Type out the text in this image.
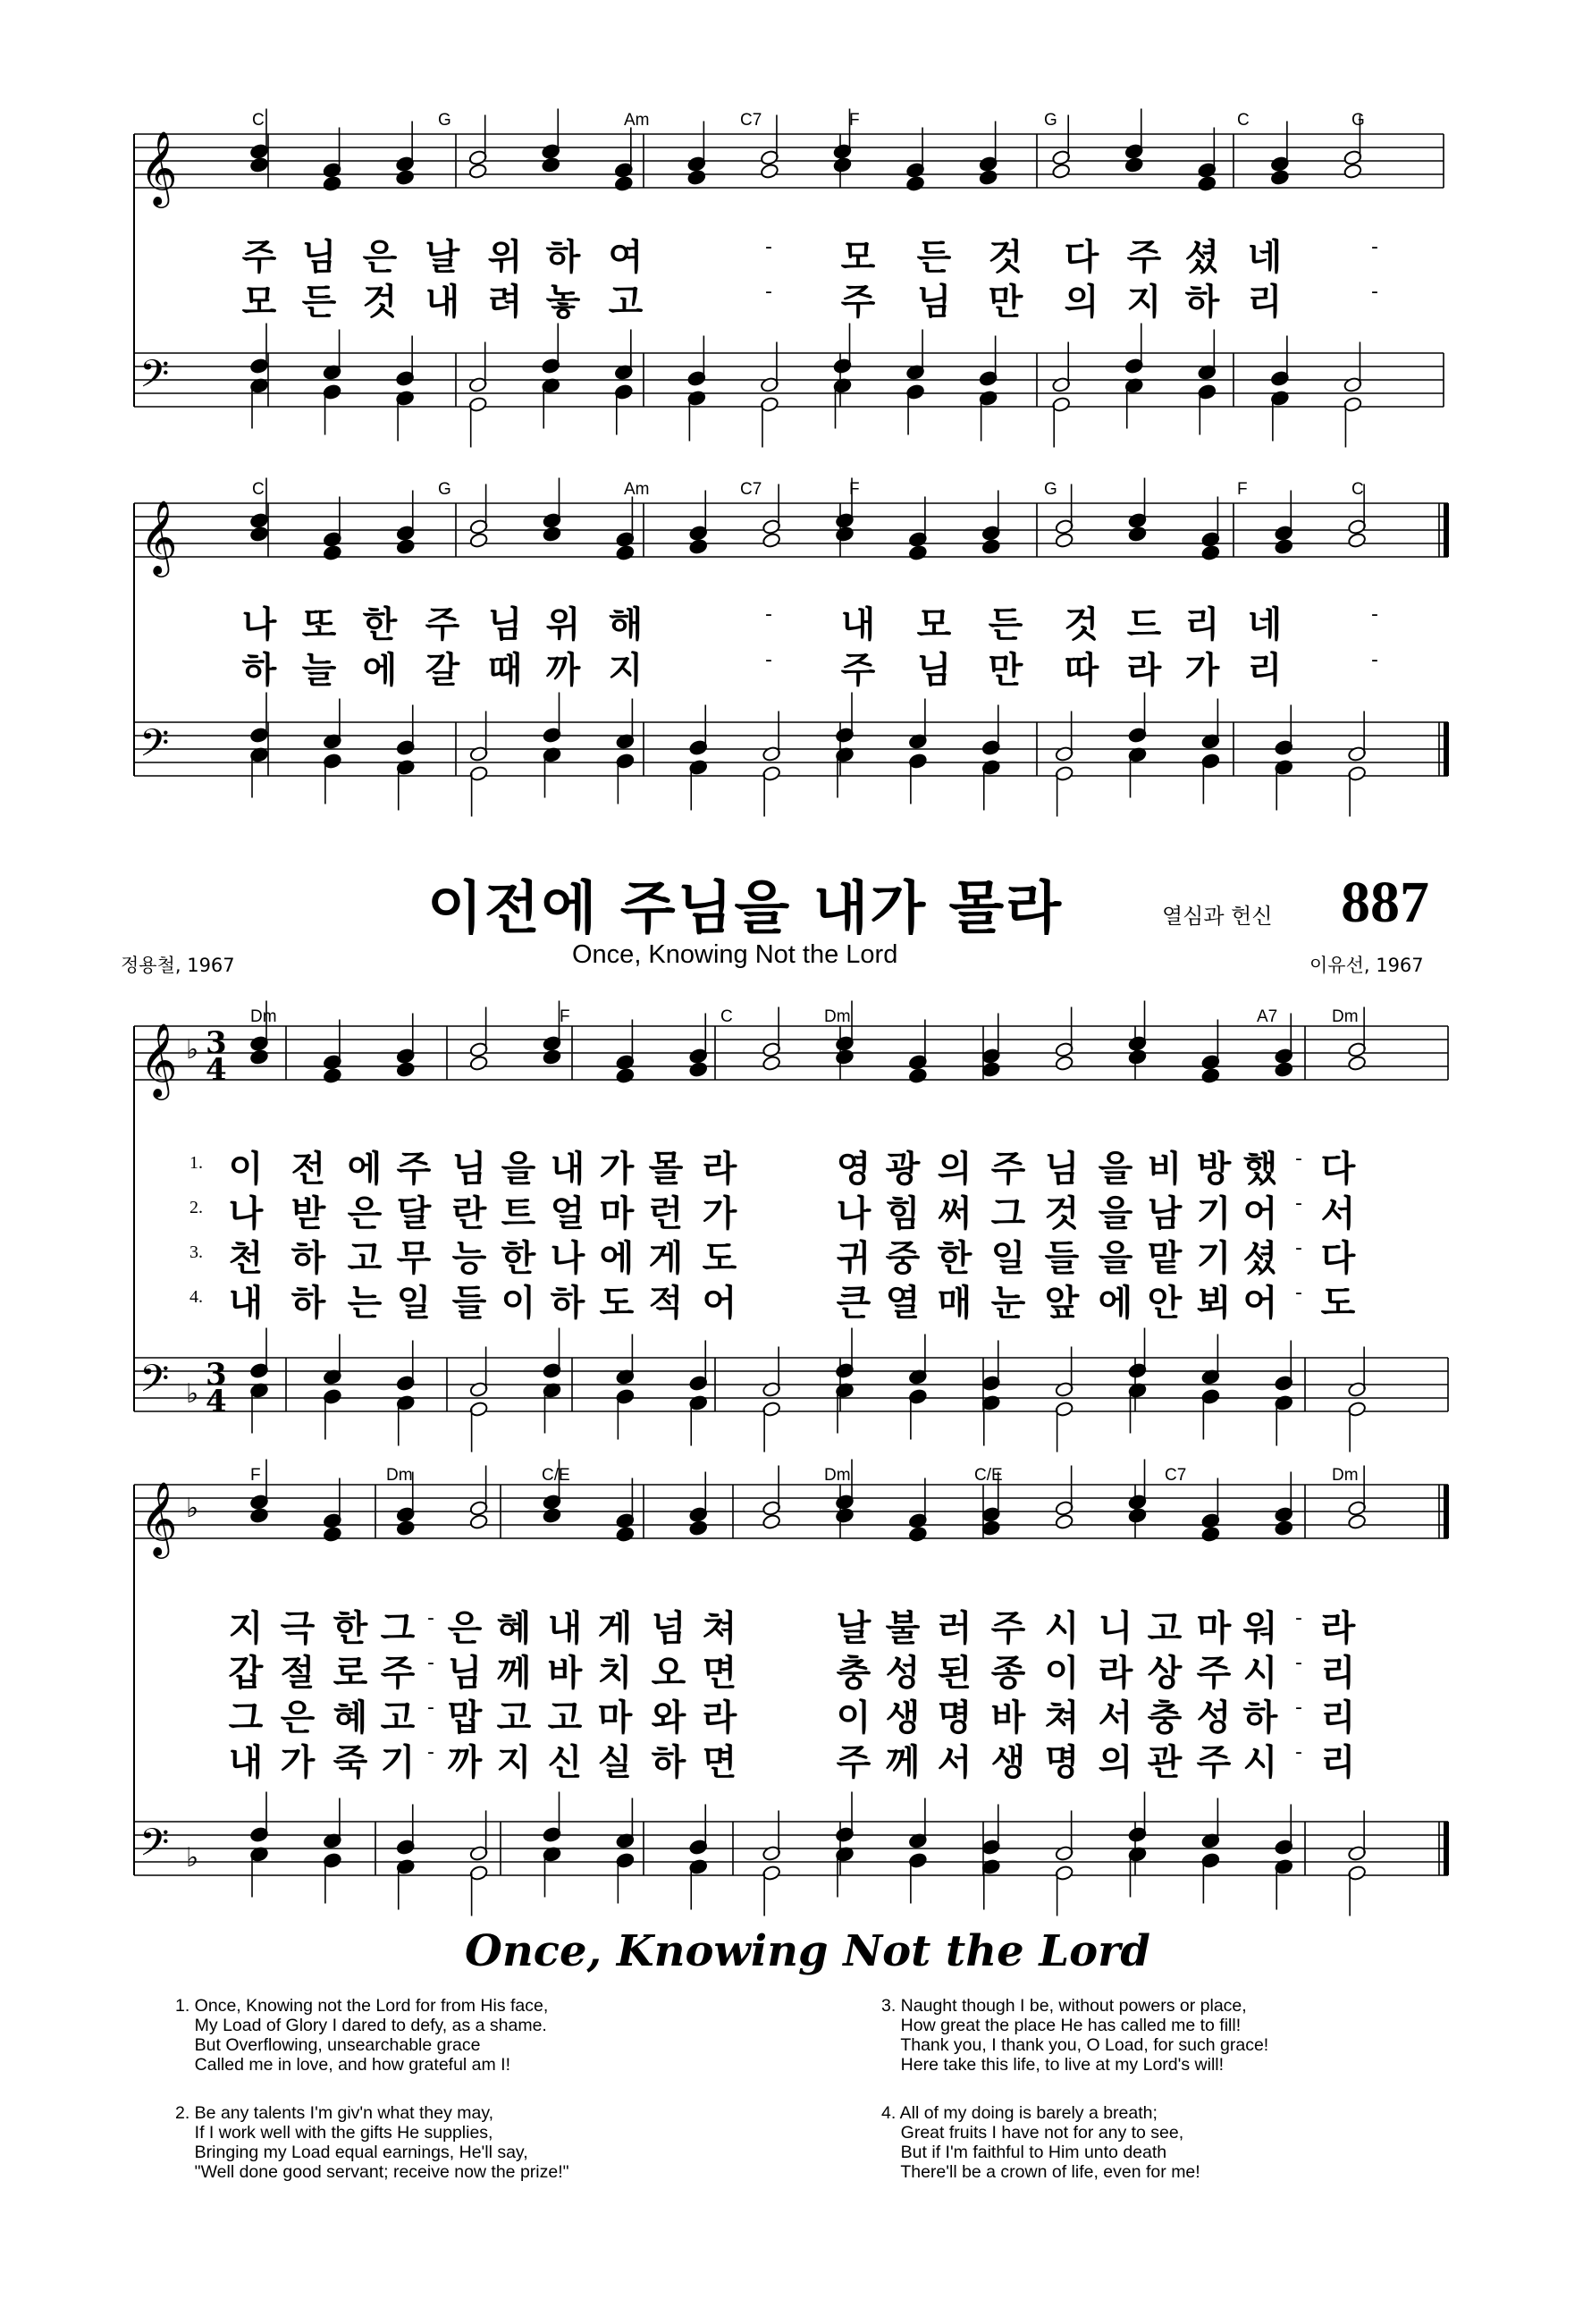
𝄞
𝄢
𝄞
𝄢
𝄞
𝄢
♭
♭
3
4
3
4
𝄞
𝄢
♭
♭
C	G	Am	C7	F	G	C	G
C	G	Am	C7	F	G	F	C
Dm	F	C	Dm	A7	Dm
F	Dm	C/E	Dm	C/E	C7	Dm
주 님 은 날 위 하 여	- 모 든 것 다 주 셨 네	-
모 든 것 내 려 놓 고	- 주 님 만 의 지 하 리	-
나 또 한 주 님 위 해	- 내 모 든 것 드 리 네	-
하 늘 에 갈 때 까 지	- 주 님 만 따 라 가 리	-
이 전 에 주 님 을 내 가 몰 라	영 광 의 주 님 을 비 방 했 - 다
나 받 은 달 란 트 얼 마 런 가	나 힘 써 그 것 을 남 기 어 - 서
천 하 고 무 능 한 나 에 게 도	귀 중 한 일 들 을 맡 기 셨 - 다
내 하 는 일 들 이 하 도 적 어	큰 열 매 눈 앞 에 안 뵈 어 - 도
지 극 한 그 - 은 혜 내 게 넘 쳐	날 불 러 주 시 니 고 마 워 - 라
갑 절 로 주 - 님 께 바 치 오 면	충 성 된 종 이 라 상 주 시 - 리
그 은 혜 고 - 맙 고 고 마 와 라	이 생 명 바 쳐 서 충 성 하 - 리
내 가 죽 기 - 까 지 신 실 하 면	주 께 서 생 명 의 관 주 시 - 리
1.
2.
3.
4.
이전에 주님을 내가 몰라	열심과 헌신 887
Once, Knowing Not the Lord
정용철, 1967	이유선, 1967
Once, Knowing Not the Lord
1. Once, Knowing not the Lord for from His face,
My Load of Glory I dared to defy, as a shame.
But Overflowing, unsearchable grace
Called me in love, and how grateful am I!
2. Be any talents I'm giv'n what they may,
If I work well with the gifts He supplies,
Bringing my Load equal earnings, He'll say,
"Well done good servant; receive now the prize!"
3. Naught though I be, without powers or place,
How great the place He has called me to fill!
Thank you, I thank you, O Load, for such grace!
Here take this life, to live at my Lord's will!
4. All of my doing is barely a breath;
Great fruits I have not for any to see,
But if I'm faithful to Him unto death
There'll be a crown of life, even for me!
